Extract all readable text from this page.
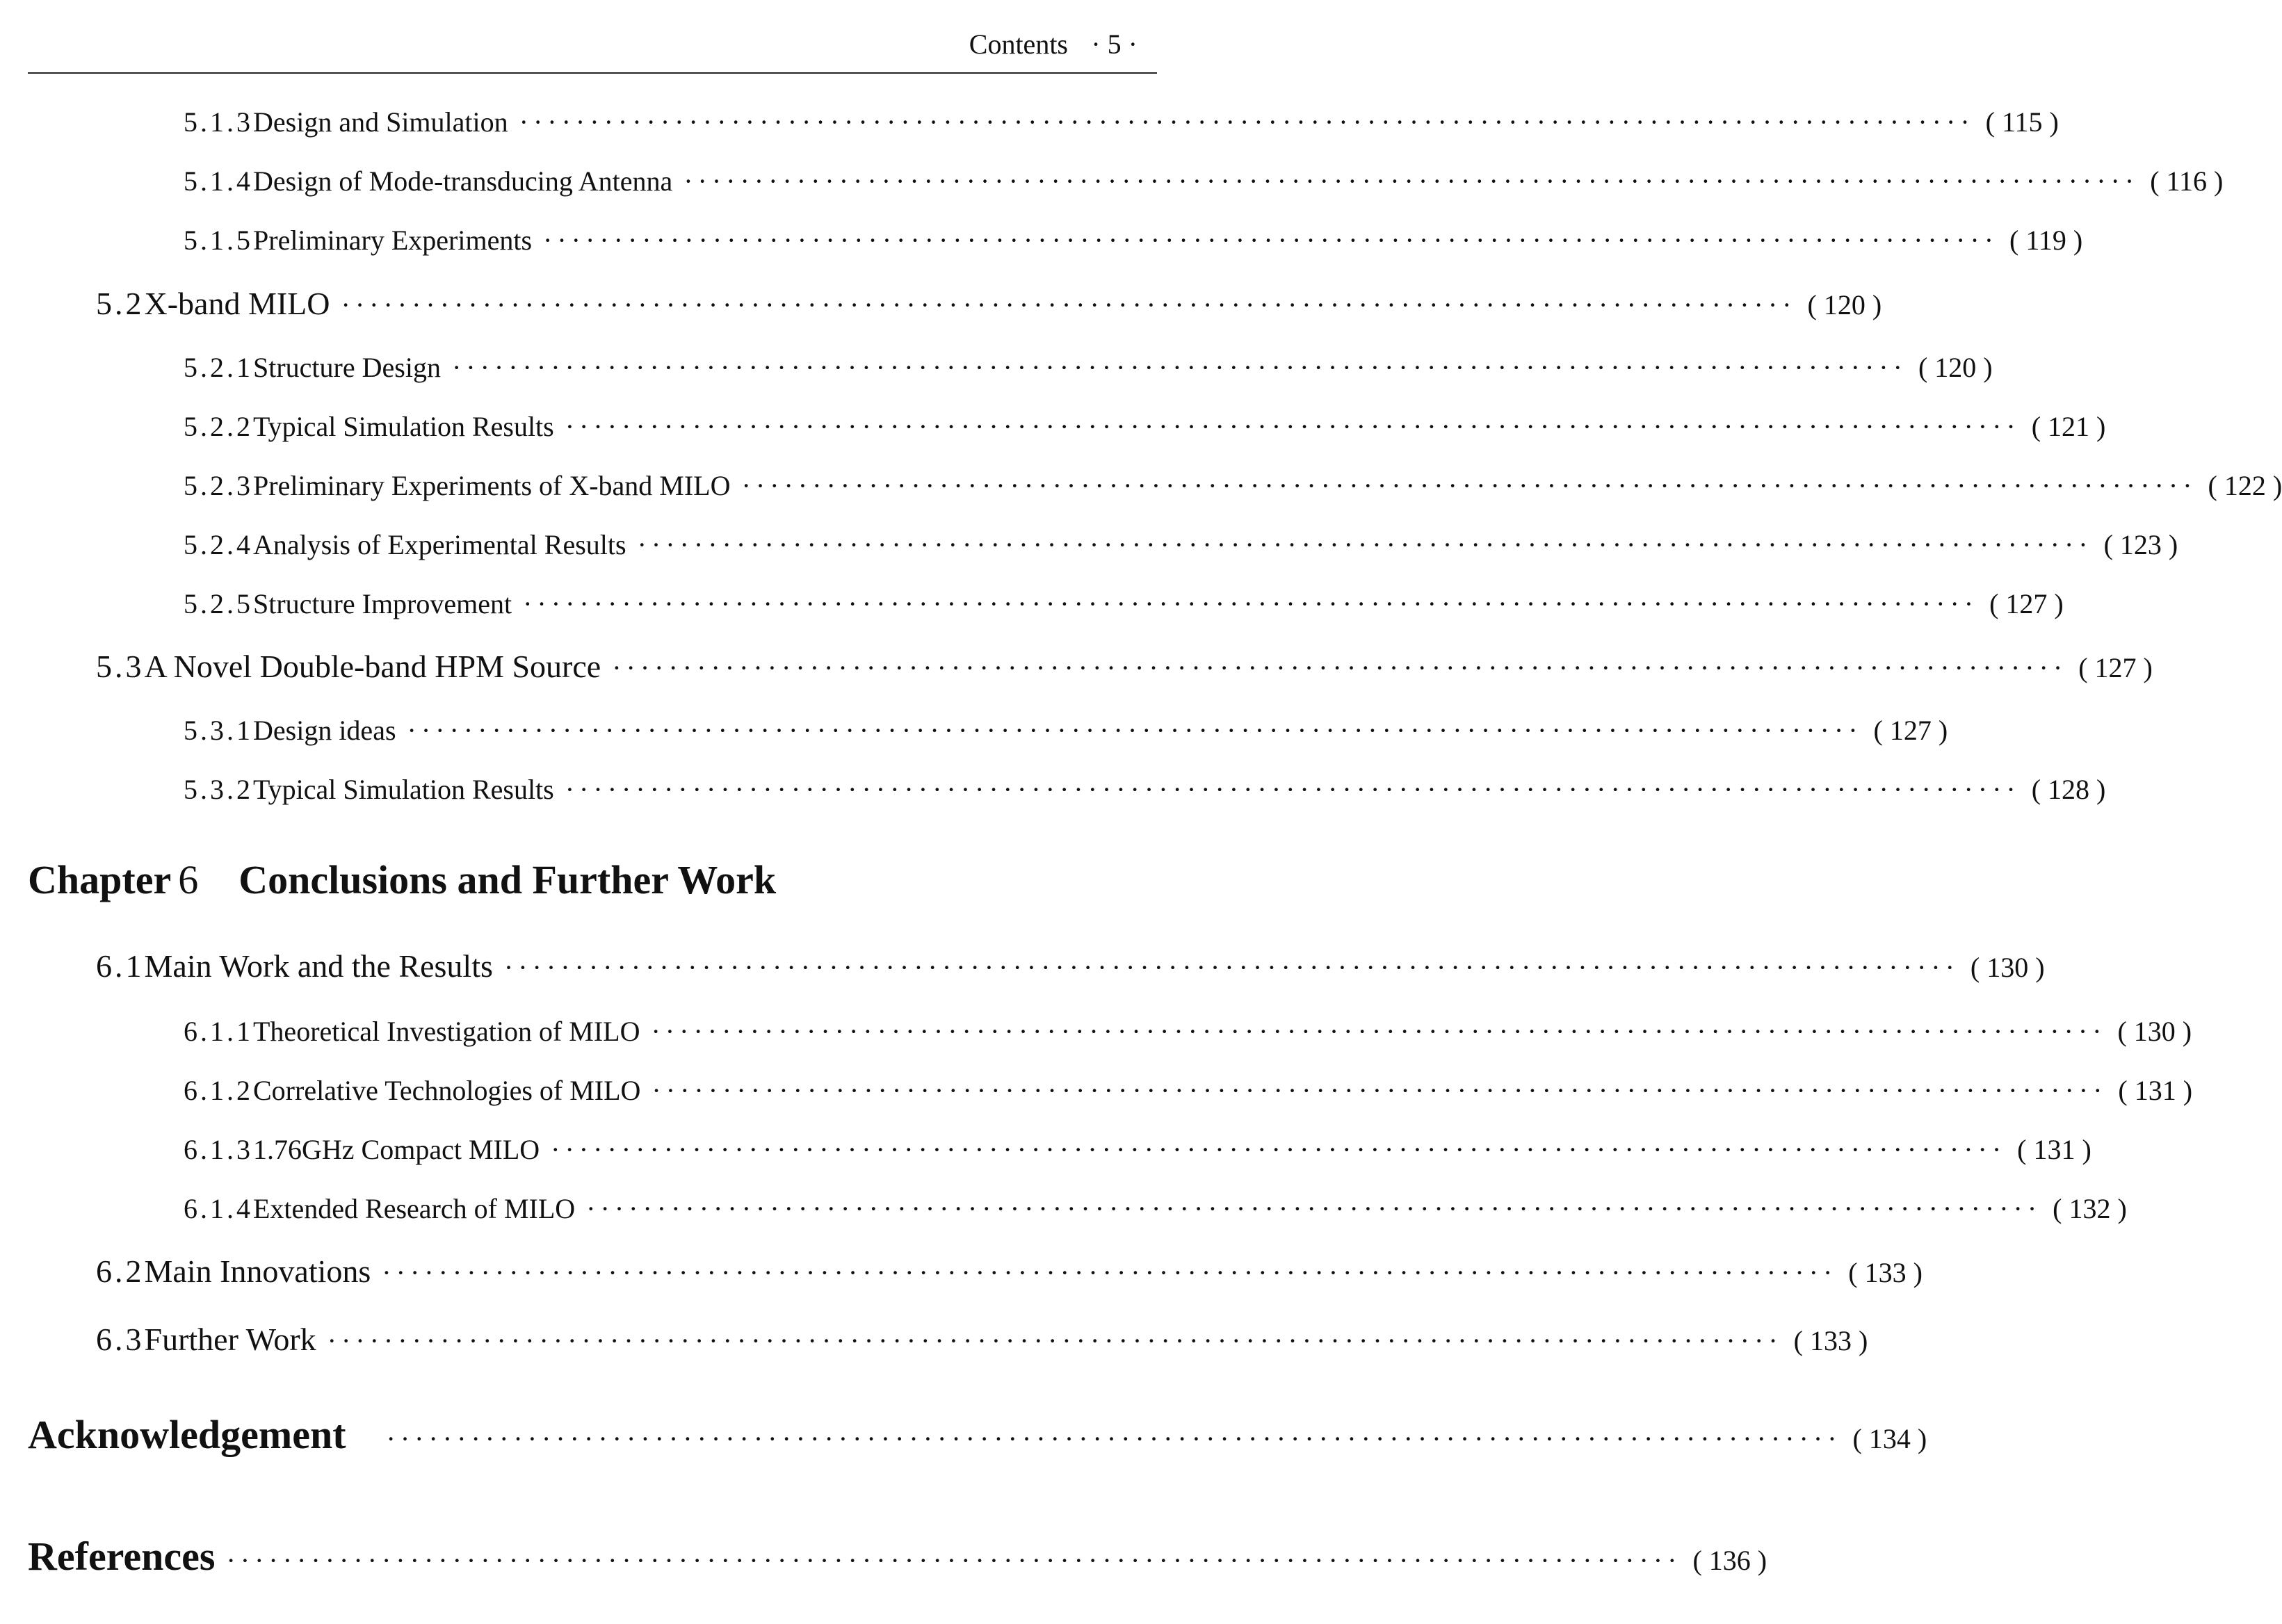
Contents · 5 ·
5.1.3 Design and Simulation ······································································································· ( 115 )
5.1.4 Design of Mode-transducing Antenna ······································································································· ( 116 )
5.1.5 Preliminary Experiments ······································································································· ( 119 )
5.2 X-band MILO ······································································································· ( 120 )
5.2.1 Structure Design ······································································································· ( 120 )
5.2.2 Typical Simulation Results ······································································································· ( 121 )
5.2.3 Preliminary Experiments of X-band MILO ······································································································· ( 122 )
5.2.4 Analysis of Experimental Results ······································································································· ( 123 )
5.2.5 Structure Improvement ······································································································· ( 127 )
5.3 A Novel Double-band HPM Source ······································································································· ( 127 )
5.3.1 Design ideas ······································································································· ( 127 )
5.3.2 Typical Simulation Results ······································································································· ( 128 )
Chapter 6 Conclusions and Further Work
6.1 Main Work and the Results ······································································································· ( 130 )
6.1.1 Theoretical Investigation of MILO ······································································································· ( 130 )
6.1.2 Correlative Technologies of MILO ······································································································· ( 131 )
6.1.3 1.76GHz Compact MILO ······································································································· ( 131 )
6.1.4 Extended Research of MILO ······································································································· ( 132 )
6.2 Main Innovations ······································································································· ( 133 )
6.3 Further Work ······································································································· ( 133 )
Acknowledgement ······································································································· ( 134 )
References ······································································································· ( 136 )
